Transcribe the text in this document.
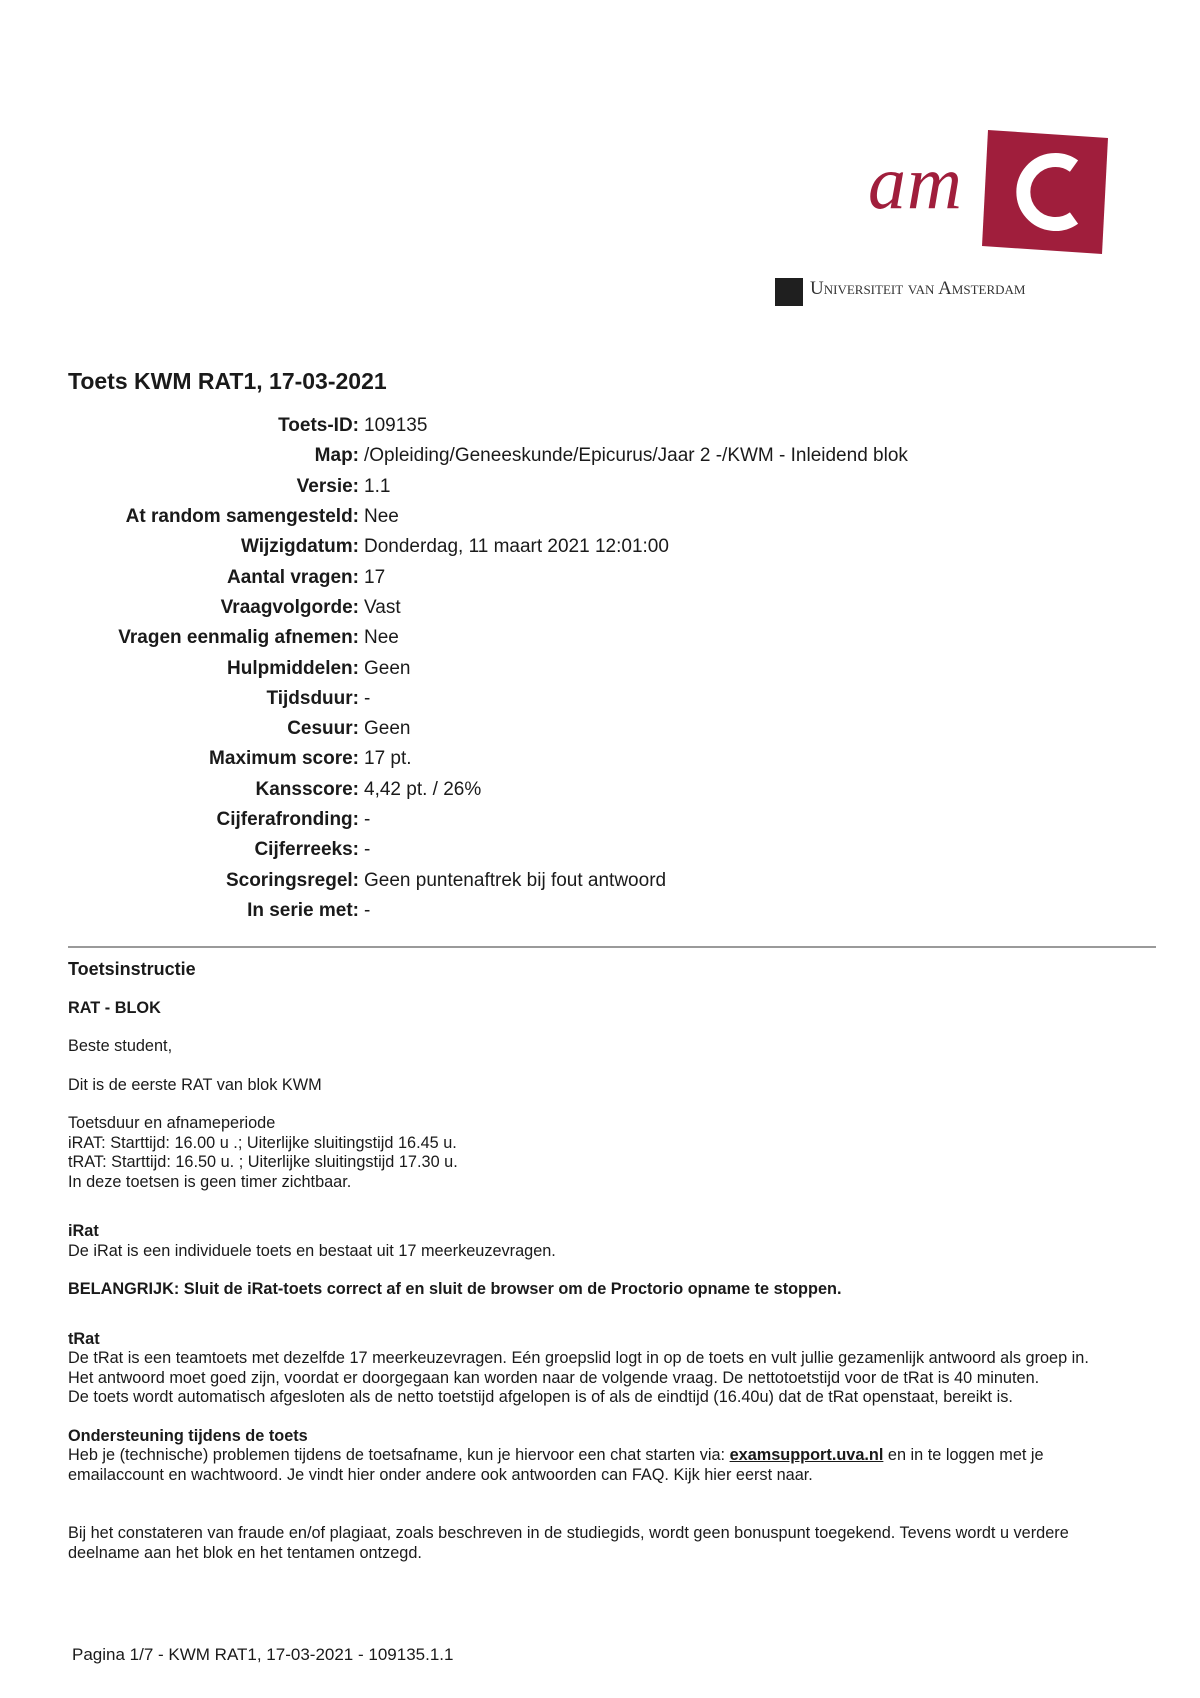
am
Universiteit van Amsterdam
Toets KWM RAT1, 17-03-2021
Toets-ID: 109135
Map: /Opleiding/Geneeskunde/Epicurus/Jaar 2 -/KWM - Inleidend blok
Versie: 1.1
At random samengesteld: Nee
Wijzigdatum: Donderdag, 11 maart 2021 12:01:00
Aantal vragen: 17
Vraagvolgorde: Vast
Vragen eenmalig afnemen: Nee
Hulpmiddelen: Geen
Tijdsduur: -
Cesuur: Geen
Maximum score: 17 pt.
Kansscore: 4,42 pt. / 26%
Cijferafronding: -
Cijferreeks: -
Scoringsregel: Geen puntenaftrek bij fout antwoord
In serie met: -

Toetsinstructie

RAT - BLOK

Beste student,

Dit is de eerste RAT van blok KWM

Toetsduur en afnameperiode

iRAT: Starttijd: 16.00 u .; Uiterlijke sluitingstijd 16.45 u.

tRAT: Starttijd: 16.50 u. ; Uiterlijke sluitingstijd 17.30 u.

In deze toetsen is geen timer zichtbaar.

iRat

De iRat is een individuele toets en bestaat uit 17 meerkeuzevragen.

BELANGRIJK: Sluit de iRat-toets correct af en sluit de browser om de Proctorio opname te stoppen.

tRat

De tRat is een teamtoets met dezelfde 17 meerkeuzevragen. Eén groepslid logt in op de toets en vult jullie gezamenlijk antwoord als groep in.

Het antwoord moet goed zijn, voordat er doorgegaan kan worden naar de volgende vraag. De nettotoetstijd voor de tRat is 40 minuten.

De toets wordt automatisch afgesloten als de netto toetstijd afgelopen is of als de eindtijd (16.40u) dat de tRat openstaat, bereikt is.

Ondersteuning tijdens de toets

Heb je (technische) problemen tijdens de toetsafname, kun je hiervoor een chat starten via: examsupport.uva.nl en in te loggen met je

emailaccount en wachtwoord. Je vindt hier onder andere ook antwoorden can FAQ. Kijk hier eerst naar.

Bij het constateren van fraude en/of plagiaat, zoals beschreven in de studiegids, wordt geen bonuspunt toegekend. Tevens wordt u verdere

deelname aan het blok en het tentamen ontzegd.

Pagina 1/7 - KWM RAT1, 17-03-2021 - 109135.1.1
